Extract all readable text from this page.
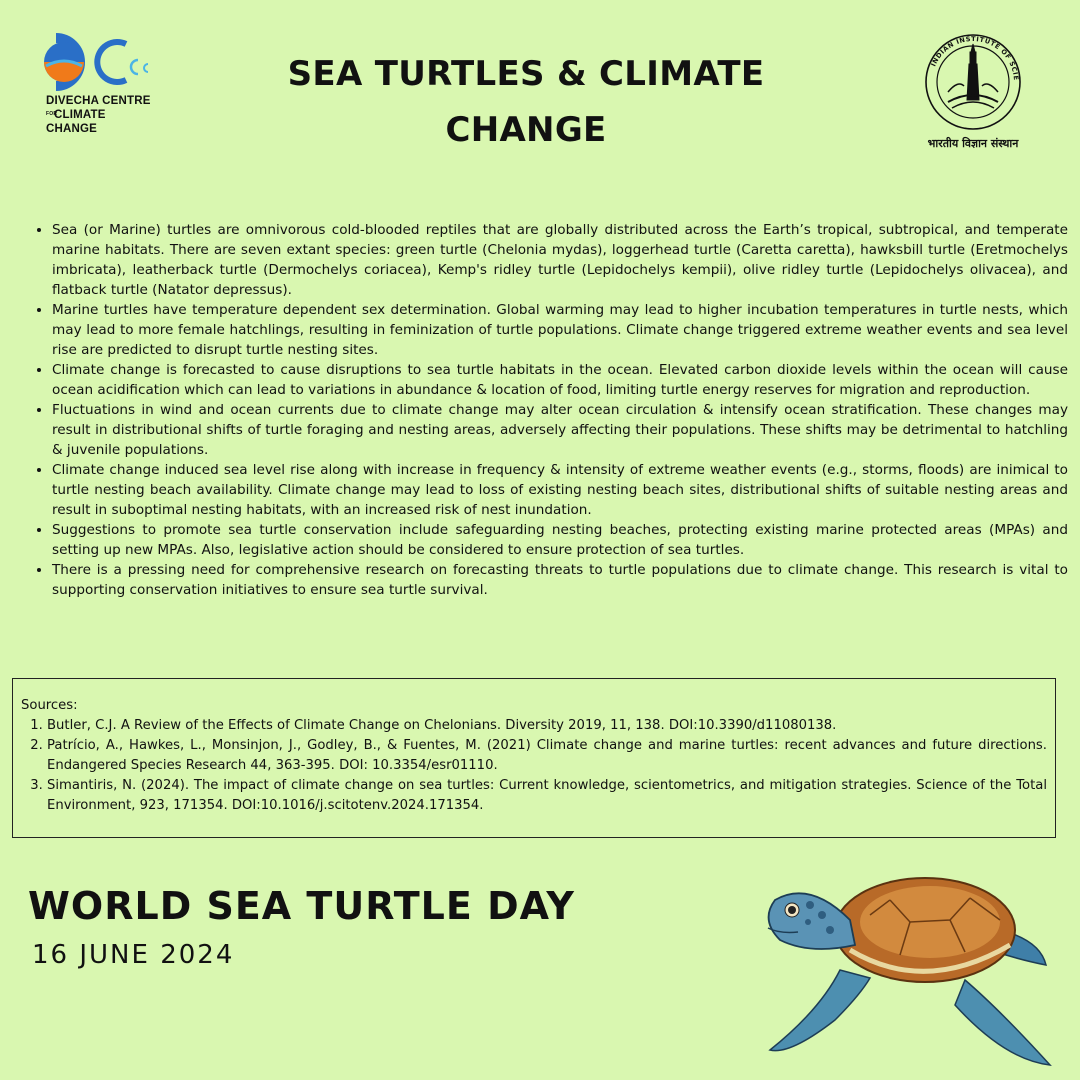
DIVECHA CENTRE
FORCLIMATE CHANGE
SEA TURTLES & CLIMATE
CHANGE
INDIAN INSTITUTE OF SCIE
भारतीय विज्ञान संस्थान
• Sea (or Marine) turtles are omnivorous cold-blooded reptiles that are globally distributed across the Earth’s tropical, subtropical, and temperate marine habitats. There are seven extant species: green turtle (Chelonia mydas), loggerhead turtle (Caretta caretta), hawksbill turtle (Eretmochelys imbricata), leatherback turtle (Dermochelys coriacea), Kemp's ridley turtle (Lepidochelys kempii), olive ridley turtle (Lepidochelys olivacea), and flatback turtle (Natator depressus).
• Marine turtles have temperature dependent sex determination. Global warming may lead to higher incubation temperatures in turtle nests, which may lead to more female hatchlings, resulting in feminization of turtle populations. Climate change triggered extreme weather events and sea level rise are predicted to disrupt turtle nesting sites.
• Climate change is forecasted to cause disruptions to sea turtle habitats in the ocean. Elevated carbon dioxide levels within the ocean will cause ocean acidification which can lead to variations in abundance & location of food, limiting turtle energy reserves for migration and reproduction.
• Fluctuations in wind and ocean currents due to climate change may alter ocean circulation & intensify ocean stratification. These changes may result in distributional shifts of turtle foraging and nesting areas, adversely affecting their populations. These shifts may be detrimental to hatchling & juvenile populations.
• Climate change induced sea level rise along with increase in frequency & intensity of extreme weather events (e.g., storms, floods) are inimical to turtle nesting beach availability. Climate change may lead to loss of existing nesting beach sites, distributional shifts of suitable nesting areas and result in suboptimal nesting habitats, with an increased risk of nest inundation.
• Suggestions to promote sea turtle conservation include safeguarding nesting beaches, protecting existing marine protected areas (MPAs) and setting up new MPAs. Also, legislative action should be considered to ensure protection of sea turtles.
• There is a pressing need for comprehensive research on forecasting threats to turtle populations due to climate change. This research is vital to supporting conservation initiatives to ensure sea turtle survival.
Sources:
1. Butler, C.J. A Review of the Effects of Climate Change on Chelonians. Diversity 2019, 11, 138. DOI:10.3390/d11080138.
2. Patrício, A., Hawkes, L., Monsinjon, J., Godley, B., & Fuentes, M. (2021) Climate change and marine turtles: recent advances and future directions. Endangered Species Research 44, 363-395. DOI: 10.3354/esr01110.
3. Simantiris, N. (2024). The impact of climate change on sea turtles: Current knowledge, scientometrics, and mitigation strategies. Science of the Total Environment, 923, 171354. DOI:10.1016/j.scitotenv.2024.171354.
WORLD SEA TURTLE DAY
16 JUNE 2024
